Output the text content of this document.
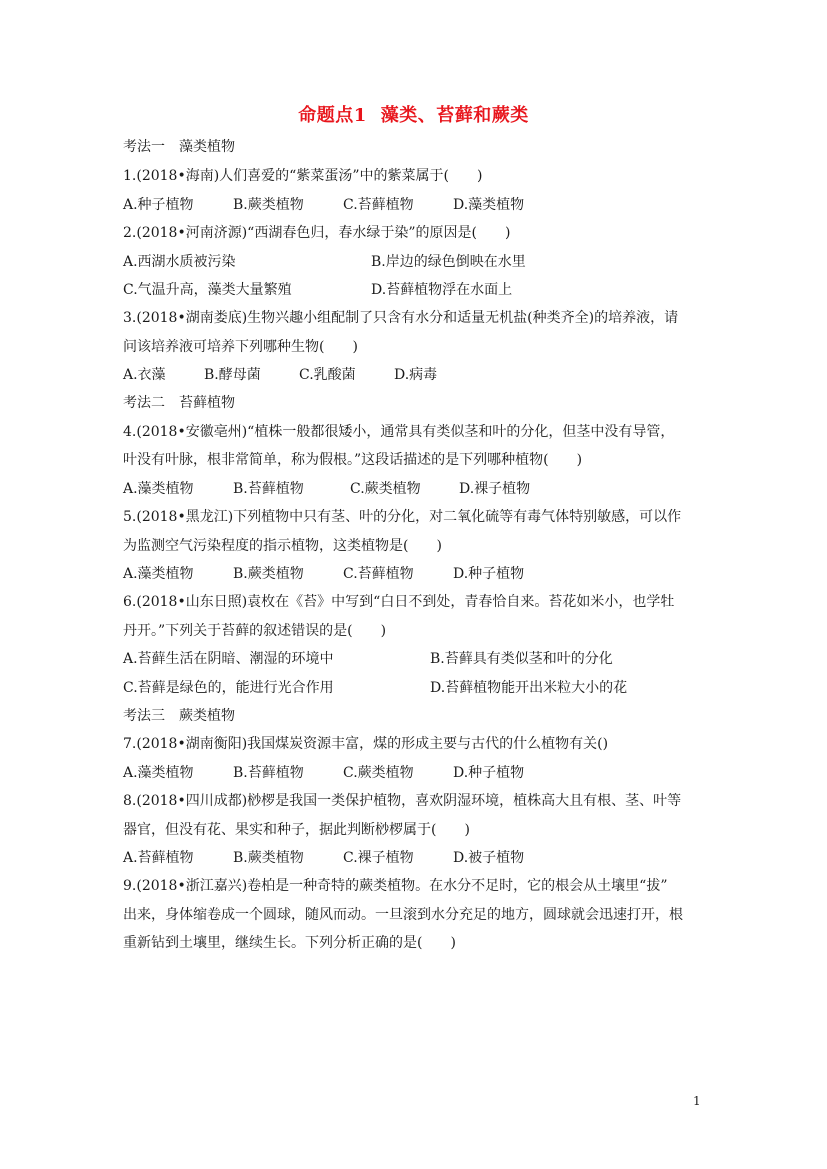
命题点1 藻类、苔藓和蕨类
考法一　藻类植物
1.(2018•海南)人们喜爱的“紫菜蛋汤”中的紫菜属于(　　)
A.种子植物	B.蕨类植物	C.苔藓植物	D.藻类植物
2.(2018•河南济源)“西湖春色归，春水绿于染”的原因是(　　)
A.西湖水质被污染	B.岸边的绿色倒映在水里
C.气温升高，藻类大量繁殖	D.苔藓植物浮在水面上
3.(2018•湖南娄底)生物兴趣小组配制了只含有水分和适量无机盐(种类齐全)的培养液，请
问该培养液可培养下列哪种生物(　　)
A.衣藻	B.酵母菌	C.乳酸菌	D.病毒
考法二　苔藓植物
4.(2018•安徽亳州)“植株一般都很矮小，通常具有类似茎和叶的分化，但茎中没有导管，
叶没有叶脉，根非常简单，称为假根。”这段话描述的是下列哪种植物(　　)
A.藻类植物	B.苔藓植物	C.蕨类植物	D.裸子植物
5.(2018•黑龙江)下列植物中只有茎、叶的分化，对二氧化硫等有毒气体特别敏感，可以作
为监测空气污染程度的指示植物，这类植物是(　　)
A.藻类植物	B.蕨类植物	C.苔藓植物	D.种子植物
6.(2018•山东日照)袁枚在《苔》中写到“白日不到处，青春恰自来。苔花如米小，也学牡
丹开。”下列关于苔藓的叙述错误的是(　　)
A.苔藓生活在阴暗、潮湿的环境中	B.苔藓具有类似茎和叶的分化
C.苔藓是绿色的，能进行光合作用	D.苔藓植物能开出米粒大小的花
考法三　蕨类植物
7.(2018•湖南衡阳)我国煤炭资源丰富，煤的形成主要与古代的什么植物有关()
A.藻类植物	B.苔藓植物	C.蕨类植物	D.种子植物
8.(2018•四川成都)桫椤是我国一类保护植物，喜欢阴湿环境，植株高大且有根、茎、叶等
器官，但没有花、果实和种子，据此判断桫椤属于(　　)
A.苔藓植物	B.蕨类植物	C.裸子植物	D.被子植物
9.(2018•浙江嘉兴)卷柏是一种奇特的蕨类植物。在水分不足时，它的根会从土壤里“拔”
出来，身体缩卷成一个圆球，随风而动。一旦滚到水分充足的地方，圆球就会迅速打开，根
重新钻到土壤里，继续生长。下列分析正确的是(　　)
1
